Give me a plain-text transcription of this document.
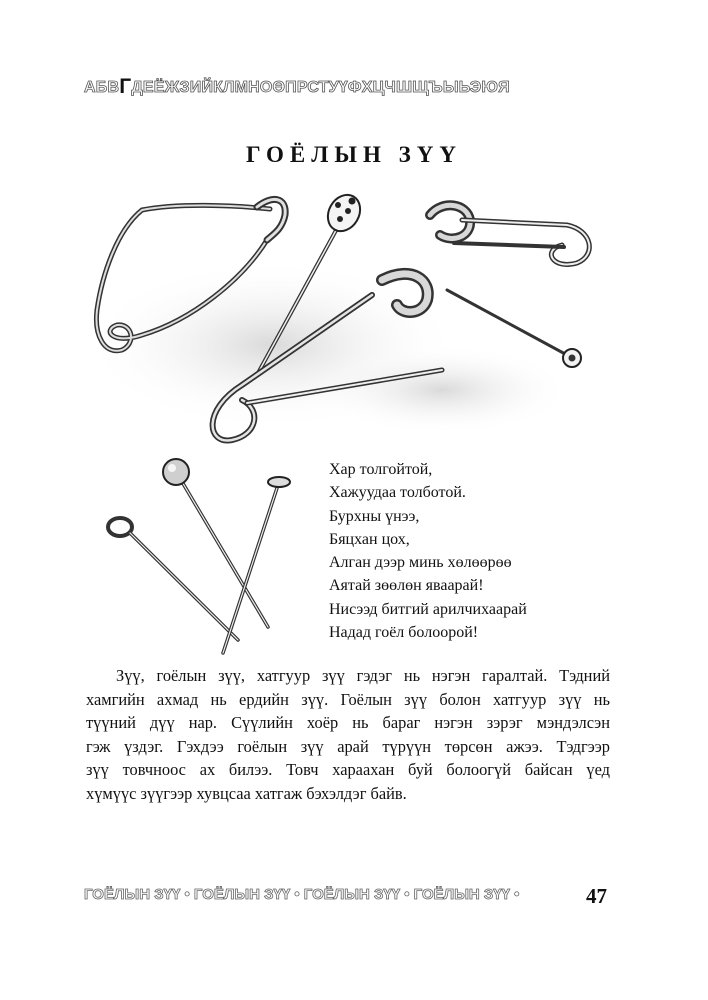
АБВГДЕЁЖЗИЙКЛМНОӨПРСТУҮФХЦЧШЩЪЫЬЭЮЯ
ГОЁЛЫН ЗҮҮ
Хар толгойтой,
Хажуудаа толботой.
Бурхны үнээ,
Бяцхан цох,
Алган дээр минь хөлөөрөө
Аятай зөөлөн яваарай!
Нисээд битгий арилчихаарай
Надад гоёл болоорой!
Зүү, гоёлын зүү, хатгуур зүү гэдэг нь нэгэн гаралтай. Тэдний
хамгийн ахмад нь ердийн зүү. Гоёлын зүү болон хатгуур зүү нь
түүний дүү нар. Сүүлийн хоёр нь бараг нэгэн зэрэг мэндэлсэн
гэж үздэг. Гэхдээ гоёлын зүү арай түрүүн төрсөн ажээ. Тэдгээр
зүү товчноос ах билээ. Товч хараахан буй болоогүй байсан үед
хүмүүс зүүгээр хувцсаа хатгаж бэхэлдэг байв.
ГОЁЛЫН ЗҮҮ • ГОЁЛЫН ЗҮҮ • ГОЁЛЫН ЗҮҮ • ГОЁЛЫН ЗҮҮ •	47
